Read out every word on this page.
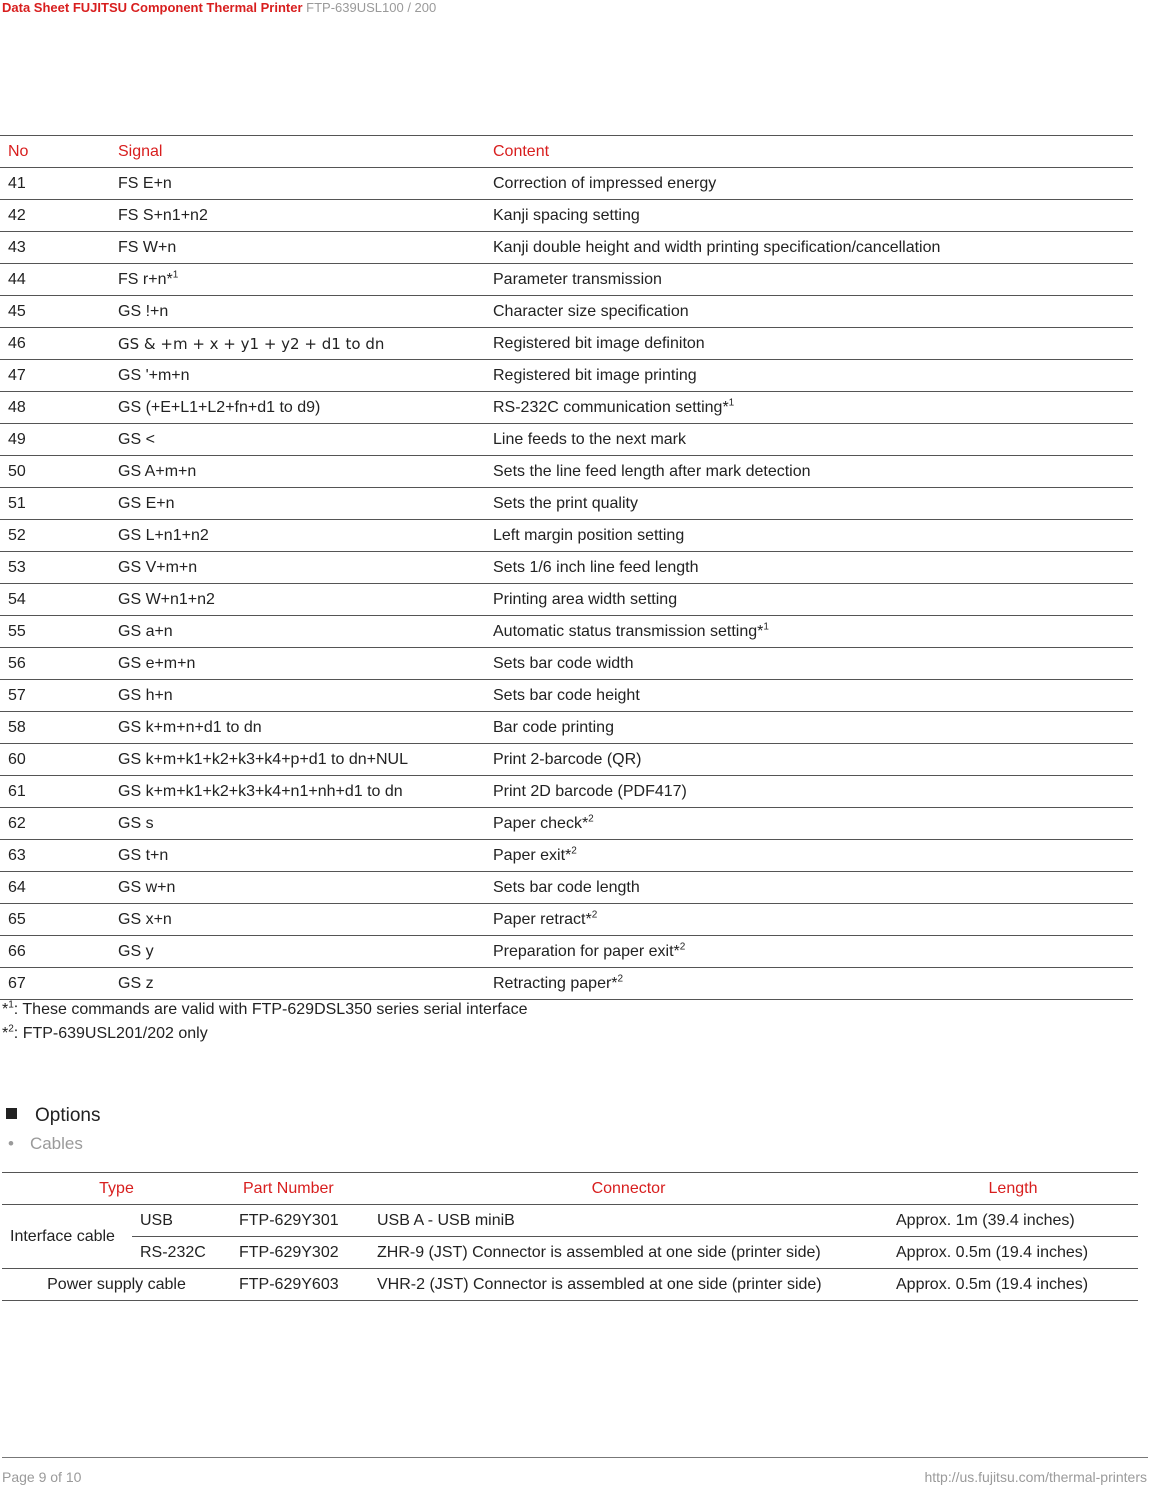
Data Sheet FUJITSU Component Thermal Printer FTP-639USL100 / 200
No	Signal	Content
41	FS E+n	Correction of impressed energy
42	FS S+n1+n2	Kanji spacing setting
43	FS W+n	Kanji double height and width printing specification/cancellation
44	FS r+n*$^1$	Parameter transmission
45	GS !+n	Character size specification
46	GS & +m + x + y1 + y2 + d1 to dn	Registered bit image definiton
47	GS '+m+n	Registered bit image printing
48	GS (+E+L1+L2+fn+d1 to d9)	RS-232C communication setting*$^1$
49	GS <	Line feeds to the next mark
50	GS A+m+n	Sets the line feed length after mark detection
51	GS E+n	Sets the print quality
52	GS L+n1+n2	Left margin position setting
53	GS V+m+n	Sets 1/6 inch line feed length
54	GS W+n1+n2	Printing area width setting
55	GS a+n	Automatic status transmission setting*$^1$
56	GS e+m+n	Sets bar code width
57	GS h+n	Sets bar code height
58	GS k+m+n+d1 to dn	Bar code printing
60	GS k+m+k1+k2+k3+k4+p+d1 to dn+NUL	Print 2-barcode (QR)
61	GS k+m+k1+k2+k3+k4+n1+nh+d1 to dn	Print 2D barcode (PDF417)
62	GS s	Paper check*$^2$
63	GS t+n	Paper exit*$^2$
64	GS w+n	Sets bar code length
65	GS x+n	Paper retract*$^2$
66	GS y	Preparation for paper exit*$^2$
67	GS z	Retracting paper*$^2$
*$^1$: These commands are valid with FTP-629DSL350 series serial interface
*$^2$: FTP-639USL201/202 only
Options
• Cables
Type		Part Number	Connector	Length
Interface cable	USB	FTP-629Y301	USB A - USB miniB	Approx. 1m (39.4 inches)
	RS-232C	FTP-629Y302	ZHR-9 (JST) Connector is assembled at one side (printer side)	Approx. 0.5m (19.4 inches)
Power supply cable		FTP-629Y603	VHR-2 (JST) Connector is assembled at one side (printer side)	Approx. 0.5m (19.4 inches)
Page 9 of 10	http://us.fujitsu.com/thermal-printers
